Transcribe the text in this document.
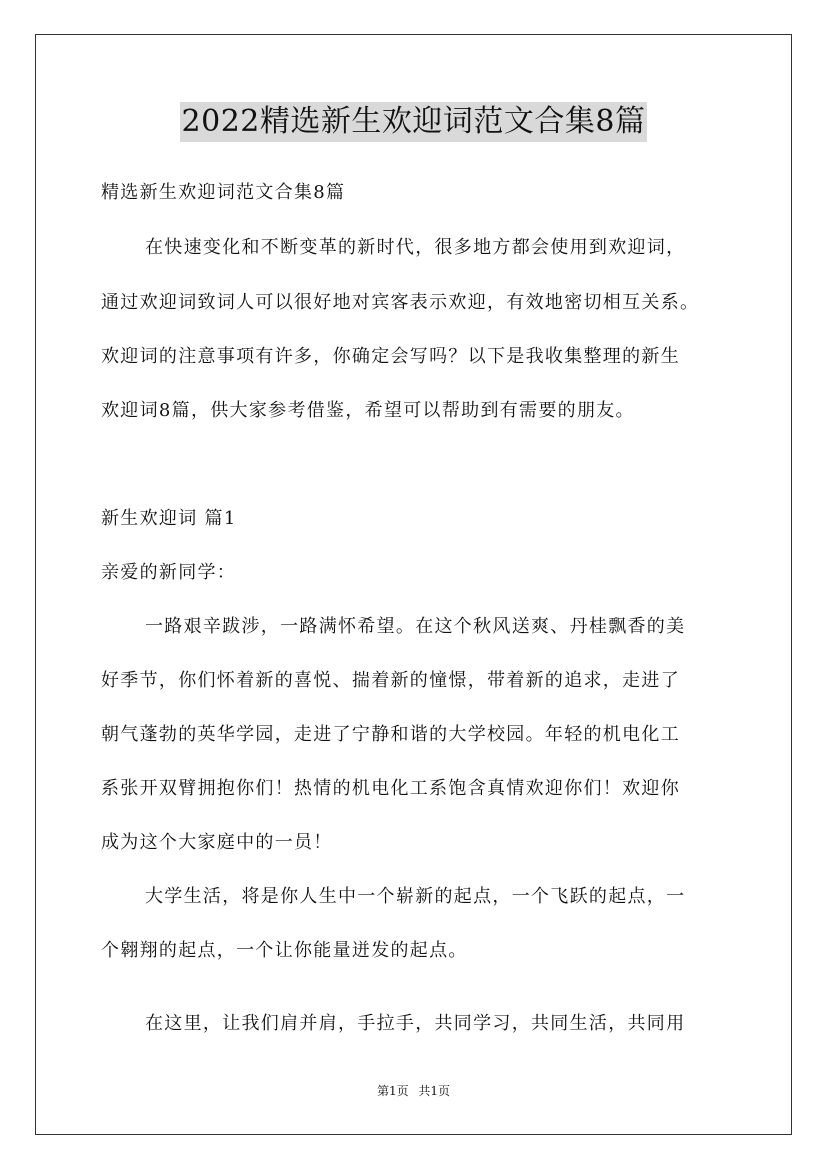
2022精选新生欢迎词范文合集8篇
精选新生欢迎词范文合集8篇
在快速变化和不断变革的新时代，很多地方都会使用到欢迎词，
通过欢迎词致词人可以很好地对宾客表示欢迎，有效地密切相互关系。
欢迎词的注意事项有许多，你确定会写吗？以下是我收集整理的新生
欢迎词8篇，供大家参考借鉴，希望可以帮助到有需要的朋友。
新生欢迎词 篇1
亲爱的新同学：
一路艰辛跋涉，一路满怀希望。在这个秋风送爽、丹桂飘香的美
好季节，你们怀着新的喜悦、揣着新的憧憬，带着新的追求，走进了
朝气蓬勃的英华学园，走进了宁静和谐的大学校园。年轻的机电化工
系张开双臂拥抱你们！热情的机电化工系饱含真情欢迎你们！欢迎你
成为这个大家庭中的一员！
大学生活，将是你人生中一个崭新的起点，一个飞跃的起点，一
个翱翔的起点，一个让你能量迸发的起点。
在这里，让我们肩并肩，手拉手，共同学习，共同生活，共同用
第1页 共1页
